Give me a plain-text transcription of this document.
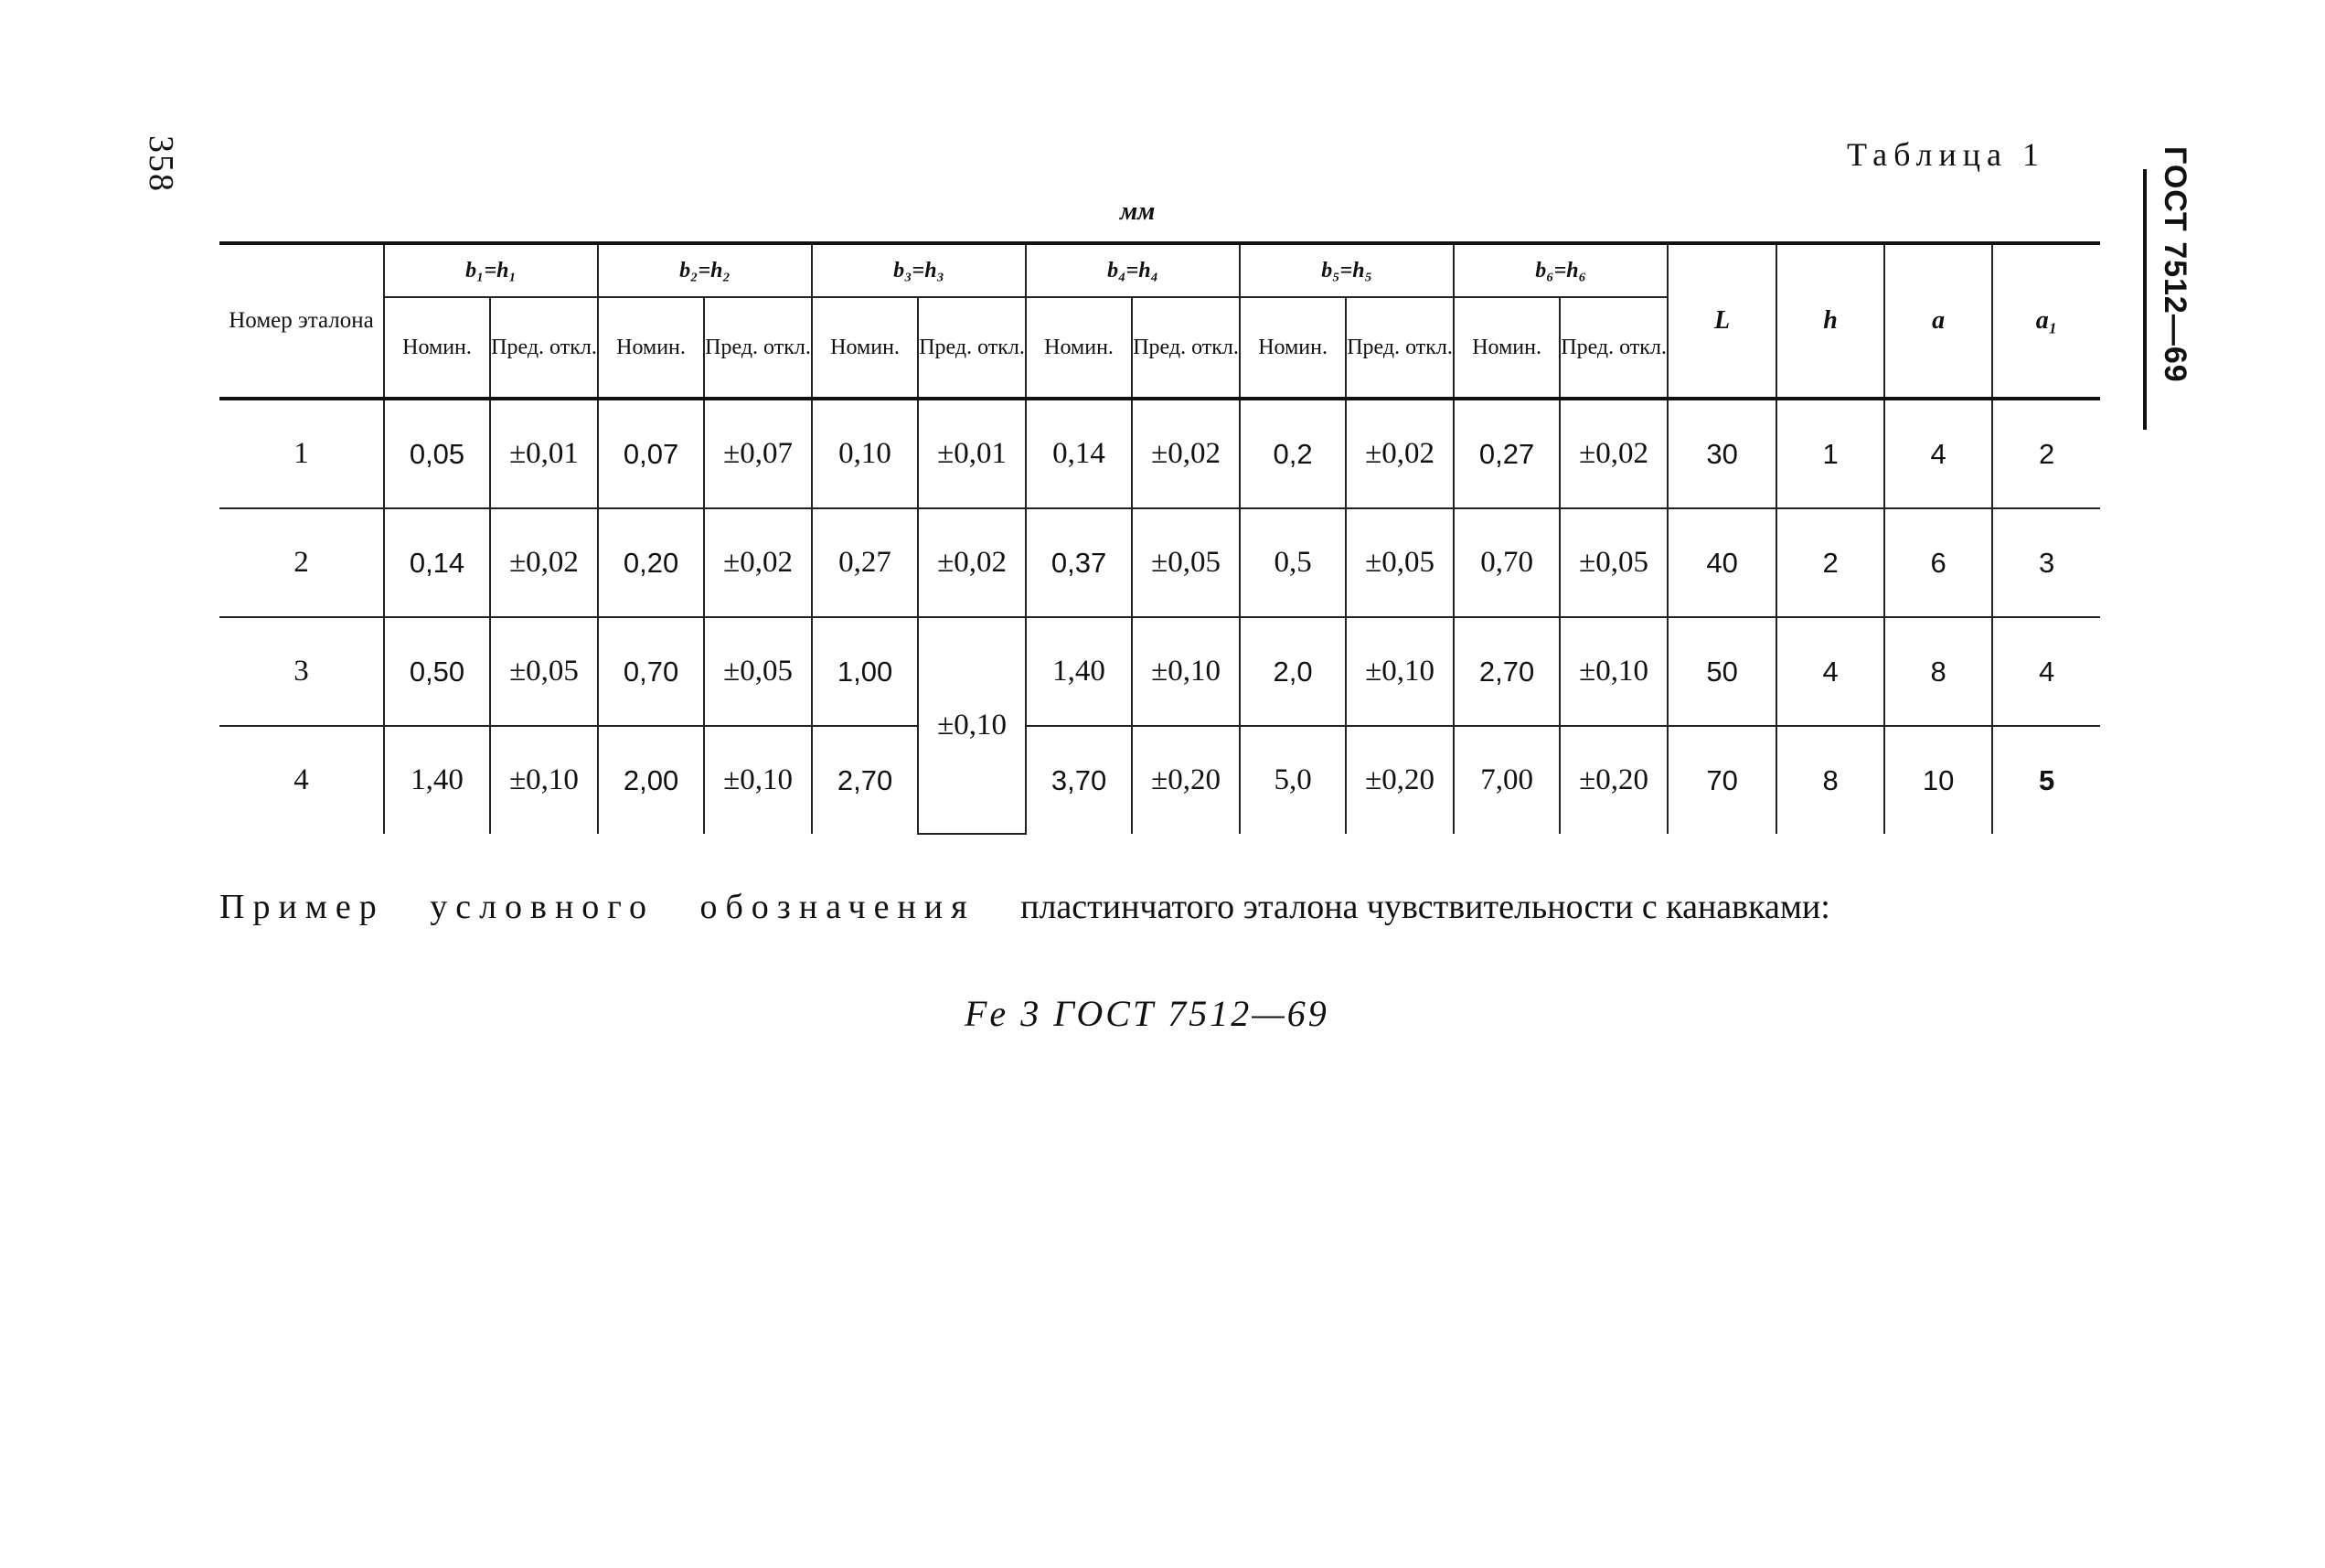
358	ГОСТ 7512—69
Таблица 1
мм
Номер эталона	b₁=h₁		b₂=h₂		b₃=h₃		b₄=h₄		b₅=h₅		b₆=h₆		L	h	a	a₁
	Номин.	Пред. откл.	Номин.	Пред. откл.	Номин.	Пред. откл.	Номин.	Пред. откл.	Номин.	Пред. откл.	Номин.	Пред. откл.				
1	0,05	±0,01	0,07	±0,07	0,10	±0,01	0,14	±0,02	0,2	±0,02	0,27	±0,02	30	1	4	2
2	0,14	±0,02	0,20	±0,02	0,27	±0,02	0,37	±0,05	0,5	±0,05	0,70	±0,05	40	2	6	3
3	0,50	±0,05	0,70	±0,05	1,00	±0,10	1,40	±0,10	2,0	±0,10	2,70	±0,10	50	4	8	4
4	1,40	±0,10	2,00	±0,10	2,70		3,70	±0,20	5,0	±0,20	7,00	±0,20	70	8	10	5
Пример условного обозначения пластинчатого эталона чувствительности с канавками:
Fe 3 ГОСТ 7512—69
